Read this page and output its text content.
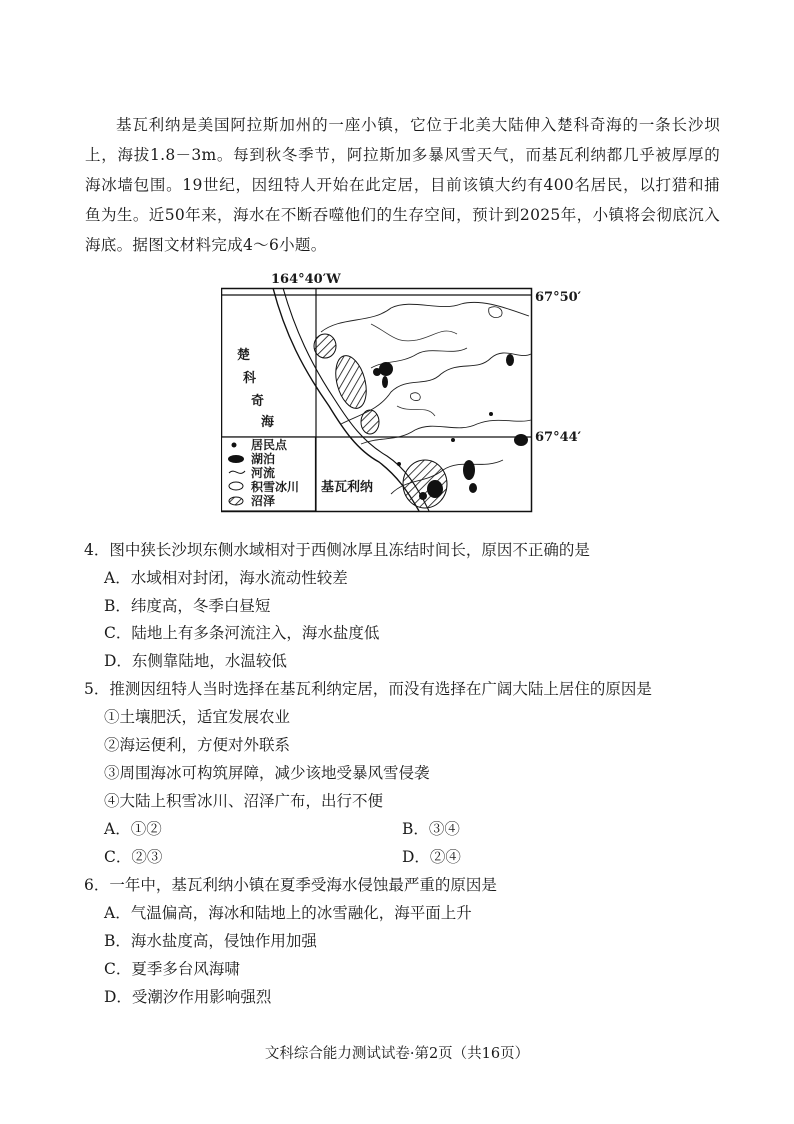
基瓦利纳是美国阿拉斯加州的一座小镇，它位于北美大陆伸入楚科奇海的一条长沙坝上，海拔1.8－3m。每到秋冬季节，阿拉斯加多暴风雪天气，而基瓦利纳都几乎被厚厚的海冰墙包围。19世纪，因纽特人开始在此定居，目前该镇大约有400名居民，以打猎和捕鱼为生。近50年来，海水在不断吞噬他们的生存空间，预计到2025年，小镇将会彻底沉入海底。据图文材料完成4～6小题。

164°40′W
67°50′
67°44′
楚
科
奇
海
基瓦利纳
居民点
湖泊
河流
积雪冰川
沼泽
4．图中狭长沙坝东侧水域相对于西侧冰厚且冻结时间长，原因不正确的是
A．水域相对封闭，海水流动性较差
B．纬度高，冬季白昼短
C．陆地上有多条河流注入，海水盐度低
D．东侧靠陆地，水温较低
5．推测因纽特人当时选择在基瓦利纳定居，而没有选择在广阔大陆上居住的原因是
①土壤肥沃，适宜发展农业
②海运便利，方便对外联系
③周围海冰可构筑屏障，减少该地受暴风雪侵袭
④大陆上积雪冰川、沼泽广布，出行不便
A．①②	B．③④
C．②③	D．②④
6．一年中，基瓦利纳小镇在夏季受海水侵蚀最严重的原因是
A．气温偏高，海冰和陆地上的冰雪融化，海平面上升
B．海水盐度高，侵蚀作用加强
C．夏季多台风海啸
D．受潮汐作用影响强烈
文科综合能力测试试卷·第2页（共16页）
